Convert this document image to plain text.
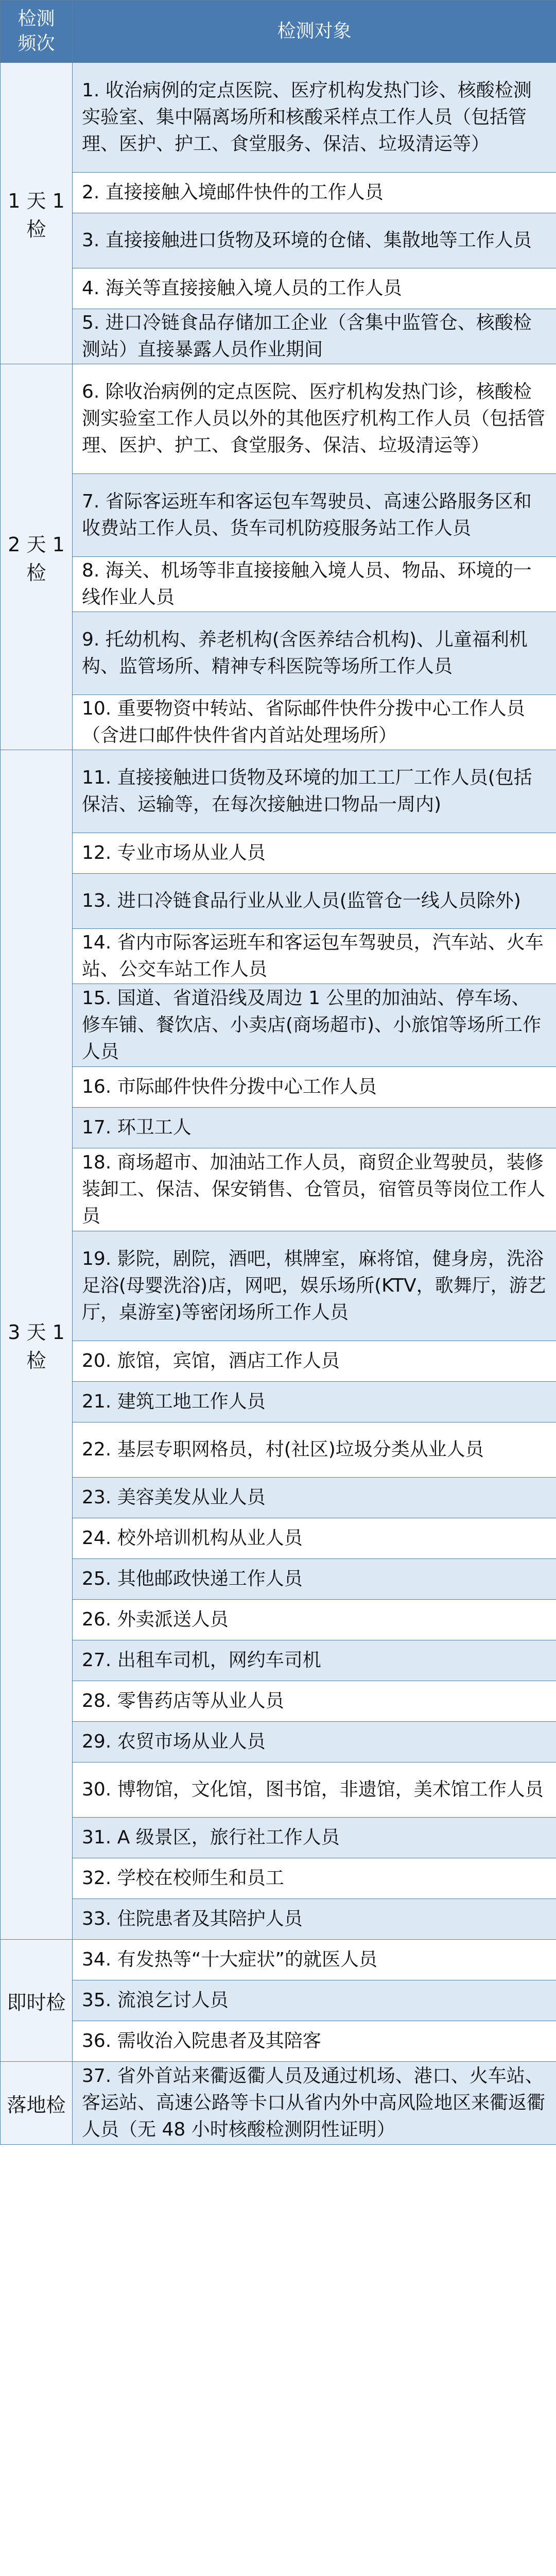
检测
频次	检测对象
1 天 1 检	1. 收治病例的定点医院、医疗机构发热门诊、核酸检测实验室、集中隔离场所和核酸采样点工作人员（包括管理、医护、护工、食堂服务、保洁、垃圾清运等）
	2. 直接接触入境邮件快件的工作人员
	3. 直接接触进口货物及环境的仓储、集散地等工作人员
	4. 海关等直接接触入境人员的工作人员
	5. 进口冷链食品存储加工企业（含集中监管仓、核酸检测站）直接暴露人员作业期间
2 天 1 检	6. 除收治病例的定点医院、医疗机构发热门诊，核酸检测实验室工作人员以外的其他医疗机构工作人员（包括管理、医护、护工、食堂服务、保洁、垃圾清运等）
	7. 省际客运班车和客运包车驾驶员、高速公路服务区和收费站工作人员、货车司机防疫服务站工作人员
	8. 海关、机场等非直接接触入境人员、物品、环境的一线作业人员
	9. 托幼机构、养老机构(含医养结合机构)、儿童福利机构、监管场所、精神专科医院等场所工作人员
	10. 重要物资中转站、省际邮件快件分拨中心工作人员（含进口邮件快件省内首站处理场所）
3 天 1 检	11. 直接接触进口货物及环境的加工工厂工作人员(包括保洁、运输等，在每次接触进口物品一周内)
	12. 专业市场从业人员
	13. 进口冷链食品行业从业人员(监管仓一线人员除外)
	14. 省内市际客运班车和客运包车驾驶员，汽车站、火车站、公交车站工作人员
	15. 国道、省道沿线及周边 1 公里的加油站、停车场、修车铺、餐饮店、小卖店(商场超市)、小旅馆等场所工作人员
	16. 市际邮件快件分拨中心工作人员
	17. 环卫工人
	18. 商场超市、加油站工作人员，商贸企业驾驶员，装修装卸工、保洁、保安销售、仓管员，宿管员等岗位工作人员
	19. 影院，剧院，酒吧，棋牌室，麻将馆，健身房，洗浴足浴(母婴洗浴)店，网吧，娱乐场所(KTV，歌舞厅，游艺厅，桌游室)等密闭场所工作人员
	20. 旅馆，宾馆，酒店工作人员
	21. 建筑工地工作人员
	22. 基层专职网格员，村(社区)垃圾分类从业人员
	23. 美容美发从业人员
	24. 校外培训机构从业人员
	25. 其他邮政快递工作人员
	26. 外卖派送人员
	27. 出租车司机，网约车司机
	28. 零售药店等从业人员
	29. 农贸市场从业人员
	30. 博物馆，文化馆，图书馆，非遗馆，美术馆工作人员
	31. A 级景区，旅行社工作人员
	32. 学校在校师生和员工
	33. 住院患者及其陪护人员
即时检	34. 有发热等“十大症状”的就医人员
	35. 流浪乞讨人员
	36. 需收治入院患者及其陪客
落地检	37. 省外首站来衢返衢人员及通过机场、港口、火车站、客运站、高速公路等卡口从省内外中高风险地区来衢返衢人员（无 48 小时核酸检测阴性证明）
